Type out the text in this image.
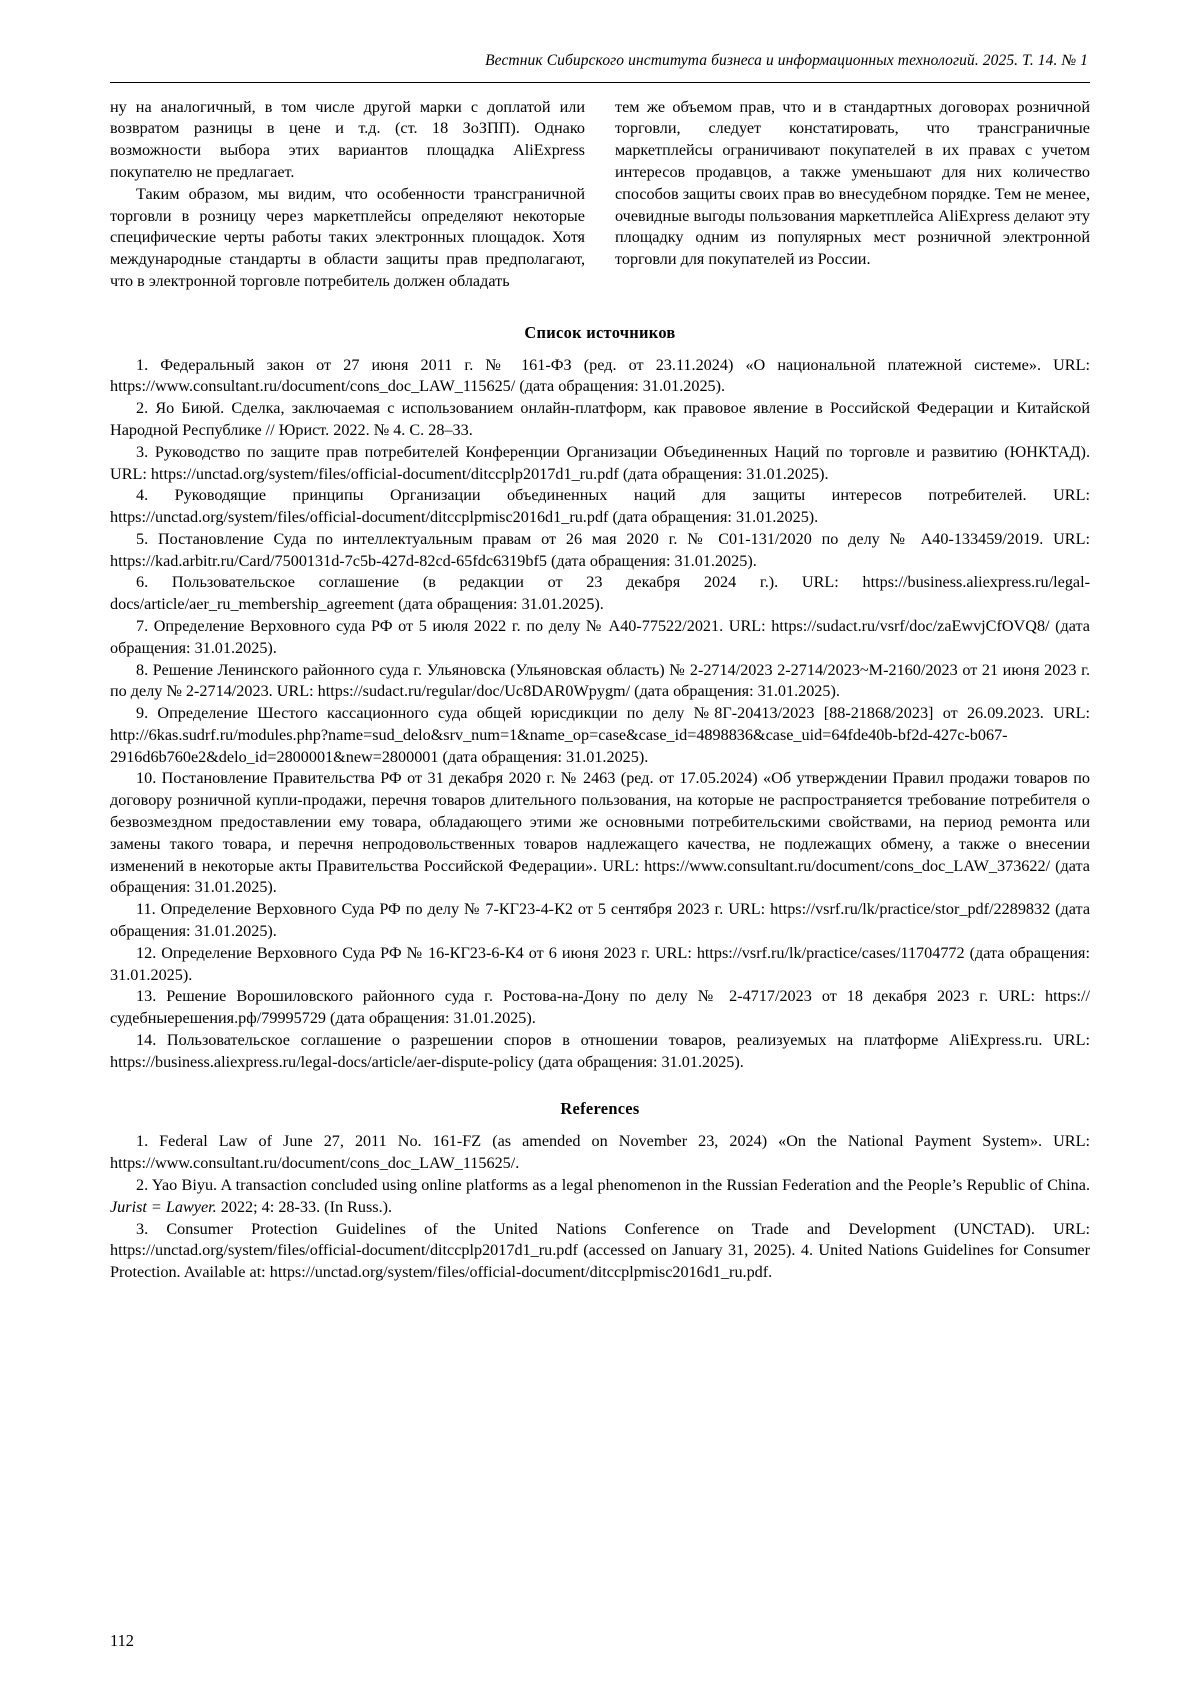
Вестник Сибирского института бизнеса и информационных технологий. 2025. Т. 14. № 1

ну на аналогичный, в том числе другой марки с доплатой или возвратом разницы в цене и т.д. (ст. 18 ЗоЗПП). Однако возможности выбора этих вариантов площадка AliExpress покупателю не предлагает.

Таким образом, мы видим, что особенности трансграничной торговли в розницу через маркетплейсы определяют некоторые специфические черты работы таких электронных площадок. Хотя международные стандарты в области защиты прав предполагают, что в электронной торговле потребитель должен обладать

тем же объемом прав, что и в стандартных договорах розничной торговли, следует констатировать, что трансграничные маркетплейсы ограничивают покупателей в их правах с учетом интересов продавцов, а также уменьшают для них количество способов защиты своих прав во внесудебном порядке. Тем не менее, очевидные выгоды пользования маркетплейса AliExpress делают эту площадку одним из популярных мест розничной электронной торговли для покупателей из России.

Список источников

1. Федеральный закон от 27 июня 2011 г. № 161-ФЗ (ред. от 23.11.2024) «О национальной платежной системе». URL: https://www.consultant.ru/document/cons_doc_LAW_115625/ (дата обращения: 31.01.2025).

2. Яо Биюй. Сделка, заключаемая с использованием онлайн-платформ, как правовое явление в Российской Федерации и Китайской Народной Республике // Юрист. 2022. № 4. С. 28–33.

3. Руководство по защите прав потребителей Конференции Организации Объединенных Наций по торговле и развитию (ЮНКТАД). URL: https://unctad.org/system/files/official-document/ditccplp2017d1_ru.pdf (дата обращения: 31.01.2025).

4. Руководящие принципы Организации объединенных наций для защиты интересов потребителей. URL: https://unctad.org/system/files/official-document/ditccplpmisc2016d1_ru.pdf (дата обращения: 31.01.2025).

5. Постановление Суда по интеллектуальным правам от 26 мая 2020 г. № С01-131/2020 по делу № А40-133459/2019. URL: https://kad.arbitr.ru/Card/7500131d-7c5b-427d-82cd-65fdc6319bf5 (дата обращения: 31.01.2025).

6. Пользовательское соглашение (в редакции от 23 декабря 2024 г.). URL: https://business.aliexpress.ru/legal-docs/article/aer_ru_membership_agreement (дата обращения: 31.01.2025).

7. Определение Верховного суда РФ от 5 июля 2022 г. по делу № А40-77522/2021. URL: https://sudact.ru/vsrf/doc/zaEwvjCfOVQ8/ (дата обращения: 31.01.2025).

8. Решение Ленинского районного суда г. Ульяновска (Ульяновская область) № 2-2714/2023 2-2714/2023~М-2160/2023 от 21 июня 2023 г. по делу № 2-2714/2023. URL: https://sudact.ru/regular/doc/Uc8DAR0Wpygm/ (дата обращения: 31.01.2025).

9. Определение Шестого кассационного суда общей юрисдикции по делу №8Г-20413/2023 [88-21868/2023] от 26.09.2023. URL: http://6kas.sudrf.ru/modules.php?name=sud_delo&srv_num=1&name_op=case&case_id=4898836&case_uid=64fde40b-bf2d-427c-b067-2916d6b760e2&delo_id=2800001&new=2800001 (дата обращения: 31.01.2025).

10. Постановление Правительства РФ от 31 декабря 2020 г. № 2463 (ред. от 17.05.2024) «Об утверждении Правил продажи товаров по договору розничной купли-продажи, перечня товаров длительного пользования, на которые не распространяется требование потребителя о безвозмездном предоставлении ему товара, обладающего этими же основными потребительскими свойствами, на период ремонта или замены такого товара, и перечня непродовольственных товаров надлежащего качества, не подлежащих обмену, а также о внесении изменений в некоторые акты Правительства Российской Федерации». URL: https://www.consultant.ru/document/cons_doc_LAW_373622/ (дата обращения: 31.01.2025).

11. Определение Верховного Суда РФ по делу № 7-КГ23-4-К2 от 5 сентября 2023 г. URL: https://vsrf.ru/lk/practice/stor_pdf/2289832 (дата обращения: 31.01.2025).

12. Определение Верховного Суда РФ № 16-КГ23-6-К4 от 6 июня 2023 г. URL: https://vsrf.ru/lk/practice/cases/11704772 (дата обращения: 31.01.2025).

13. Решение Ворошиловского районного суда г. Ростова-на-Дону по делу № 2-4717/2023 от 18 декабря 2023 г. URL: https://судебныерешения.рф/79995729 (дата обращения: 31.01.2025).

14. Пользовательское соглашение о разрешении споров в отношении товаров, реализуемых на платформе AliExpress.ru. URL: https://business.aliexpress.ru/legal-docs/article/aer-dispute-policy (дата обращения: 31.01.2025).

References

1. Federal Law of June 27, 2011 No. 161-FZ (as amended on November 23, 2024) «On the National Payment System». URL: https://www.consultant.ru/document/cons_doc_LAW_115625/.

2. Yao Biyu. A transaction concluded using online platforms as a legal phenomenon in the Russian Federation and the People’s Republic of China. Jurist = Lawyer. 2022; 4: 28-33. (In Russ.).

3. Consumer Protection Guidelines of the United Nations Conference on Trade and Development (UNCTAD). URL: https://unctad.org/system/files/official-document/ditccplp2017d1_ru.pdf (accessed on January 31, 2025). 4. United Nations Guidelines for Consumer Protection. Available at: https://unctad.org/system/files/official-document/ditccplpmisc2016d1_ru.pdf.

112
